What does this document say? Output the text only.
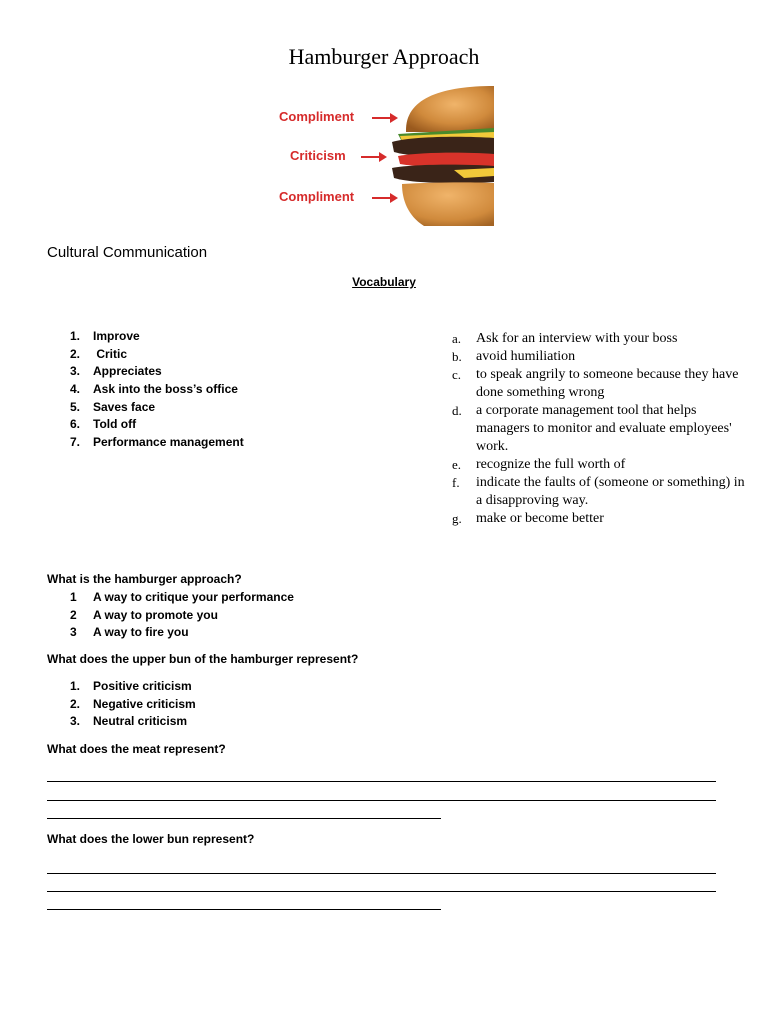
Hamburger Approach
Compliment
Criticism
Compliment
Cultural Communication
Vocabulary
1. Improve
2. Critic
3. Appreciates
4. Ask into the boss’s office
5. Saves face
6. Told off
7. Performance management
a. Ask for an interview with your boss
b. avoid humiliation
c. to speak angrily to someone because they have done something wrong
d. a corporate management tool that helps managers to monitor and evaluate employees' work.
e. recognize the full worth of
f. indicate the faults of (someone or something) in a disapproving way.
g. make or become better
What is the hamburger approach?
1 A way to critique your performance
2 A way to promote you
3 A way to fire you
What does the upper bun of the hamburger represent?
1. Positive criticism
2. Negative criticism
3. Neutral criticism
What does the meat represent?
What does the lower bun represent?
